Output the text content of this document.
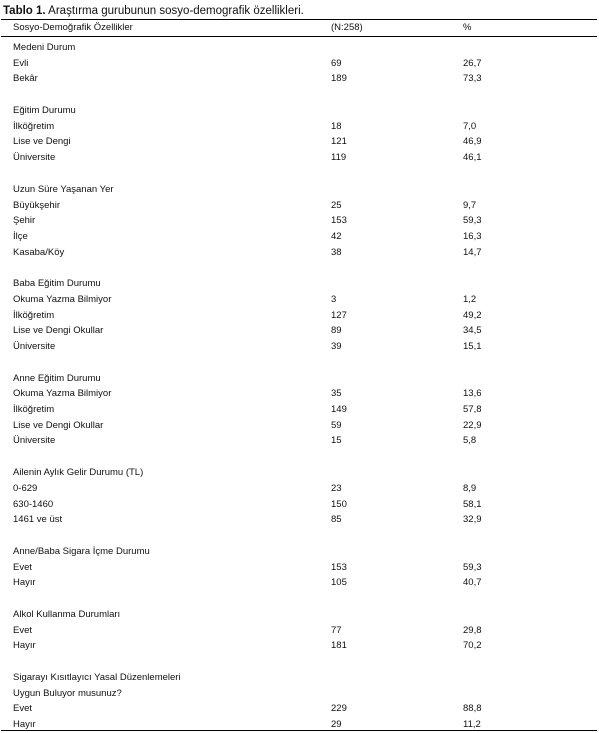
Tablo 1. Araştırma gurubunun sosyo-demografik özellikleri.
Sosyo-Demoğrafik Özellikler	(N:258)	%
Medeni Durum
Evli	69	26,7
Bekâr	189	73,3
Eğitim Durumu
İlköğretim	18	7,0
Lise ve Dengi	121	46,9
Üniversite	119	46,1
Uzun Süre Yaşanan Yer
Büyükşehir	25	9,7
Şehir	153	59,3
İlçe	42	16,3
Kasaba/Köy	38	14,7
Baba Eğitim Durumu
Okuma Yazma Bilmiyor	3	1,2
İlköğretim	127	49,2
Lise ve Dengi Okullar	89	34,5
Üniversite	39	15,1
Anne Eğitim Durumu
Okuma Yazma Bilmiyor	35	13,6
İlköğretim	149	57,8
Lise ve Dengi Okullar	59	22,9
Üniversite	15	5,8
Ailenin Aylık Gelir Durumu (TL)
0-629	23	8,9
630-1460	150	58,1
1461 ve üst	85	32,9
Anne/Baba Sigara İçme Durumu
Evet	153	59,3
Hayır	105	40,7
Alkol Kullanma Durumları
Evet	77	29,8
Hayır	181	70,2
Sigarayı Kısıtlayıcı Yasal Düzenlemeleri
Uygun Buluyor musunuz?
Evet	229	88,8
Hayır	29	11,2
